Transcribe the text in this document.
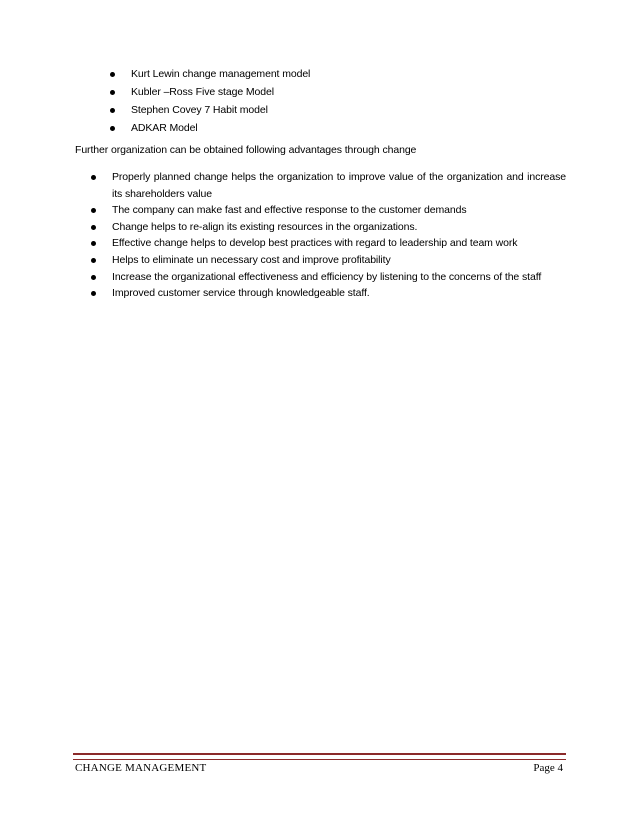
Kurt Lewin change management model
Kubler –Ross Five stage Model
Stephen Covey 7 Habit model
ADKAR Model

Further organization can be obtained following advantages through change

Properly planned change helps the organization to improve value of the organization and increase its shareholders value
The company can make fast and effective response to the customer demands
Change helps to re-align its existing resources in the organizations.
Effective change helps to develop best practices with regard to leadership and team work
Helps to eliminate un necessary cost and improve profitability
Increase the organizational effectiveness and efficiency by listening to the concerns of the staff
Improved customer service through knowledgeable staff.
CHANGE MANAGEMENT	Page 4
